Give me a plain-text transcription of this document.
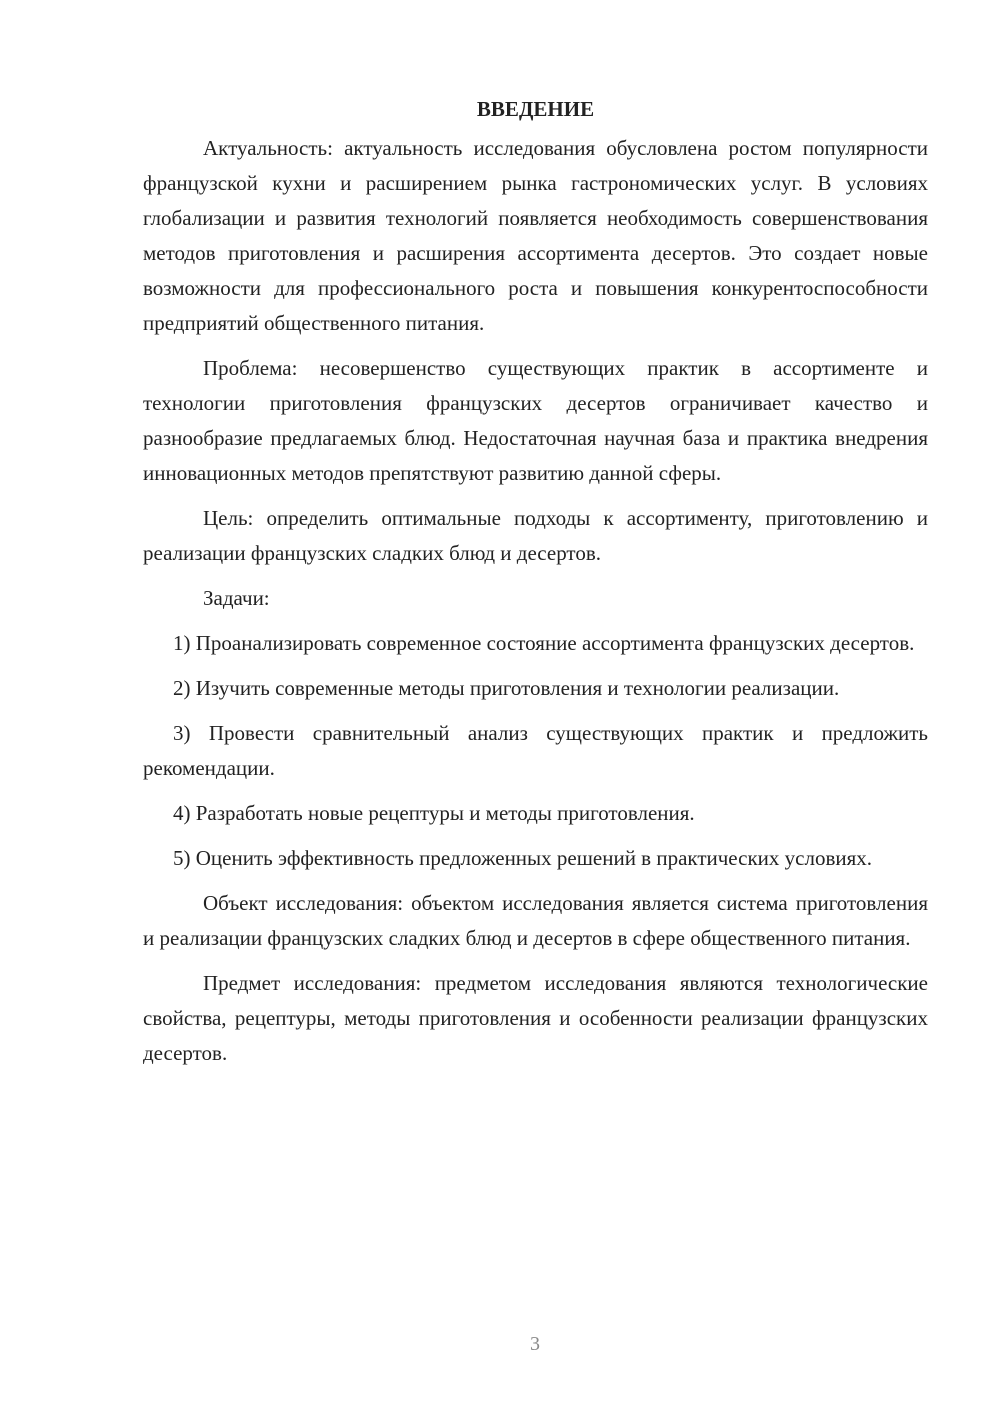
ВВЕДЕНИЕ

Актуальность: актуальность исследования обусловлена ростом популярности французской кухни и расширением рынка гастрономических услуг. В условиях глобализации и развития технологий появляется необходимость совершенствования методов приготовления и расширения ассортимента десертов. Это создает новые возможности для профессионального роста и повышения конкурентоспособности предприятий общественного питания.

Проблема: несовершенство существующих практик в ассортименте и технологии приготовления французских десертов ограничивает качество и разнообразие предлагаемых блюд. Недостаточная научная база и практика внедрения инновационных методов препятствуют развитию данной сферы.

Цель: определить оптимальные подходы к ассортименту, приготовлению и реализации французских сладких блюд и десертов.

Задачи:

1) Проанализировать современное состояние ассортимента французских десертов.

2) Изучить современные методы приготовления и технологии реализации.

3) Провести сравнительный анализ существующих практик и предложить рекомендации.

4) Разработать новые рецептуры и методы приготовления.

5) Оценить эффективность предложенных решений в практических условиях.

Объект исследования: объектом исследования является система приготовления и реализации французских сладких блюд и десертов в сфере общественного питания.

Предмет исследования: предметом исследования являются технологические свойства, рецептуры, методы приготовления и особенности реализации французских десертов.

3
